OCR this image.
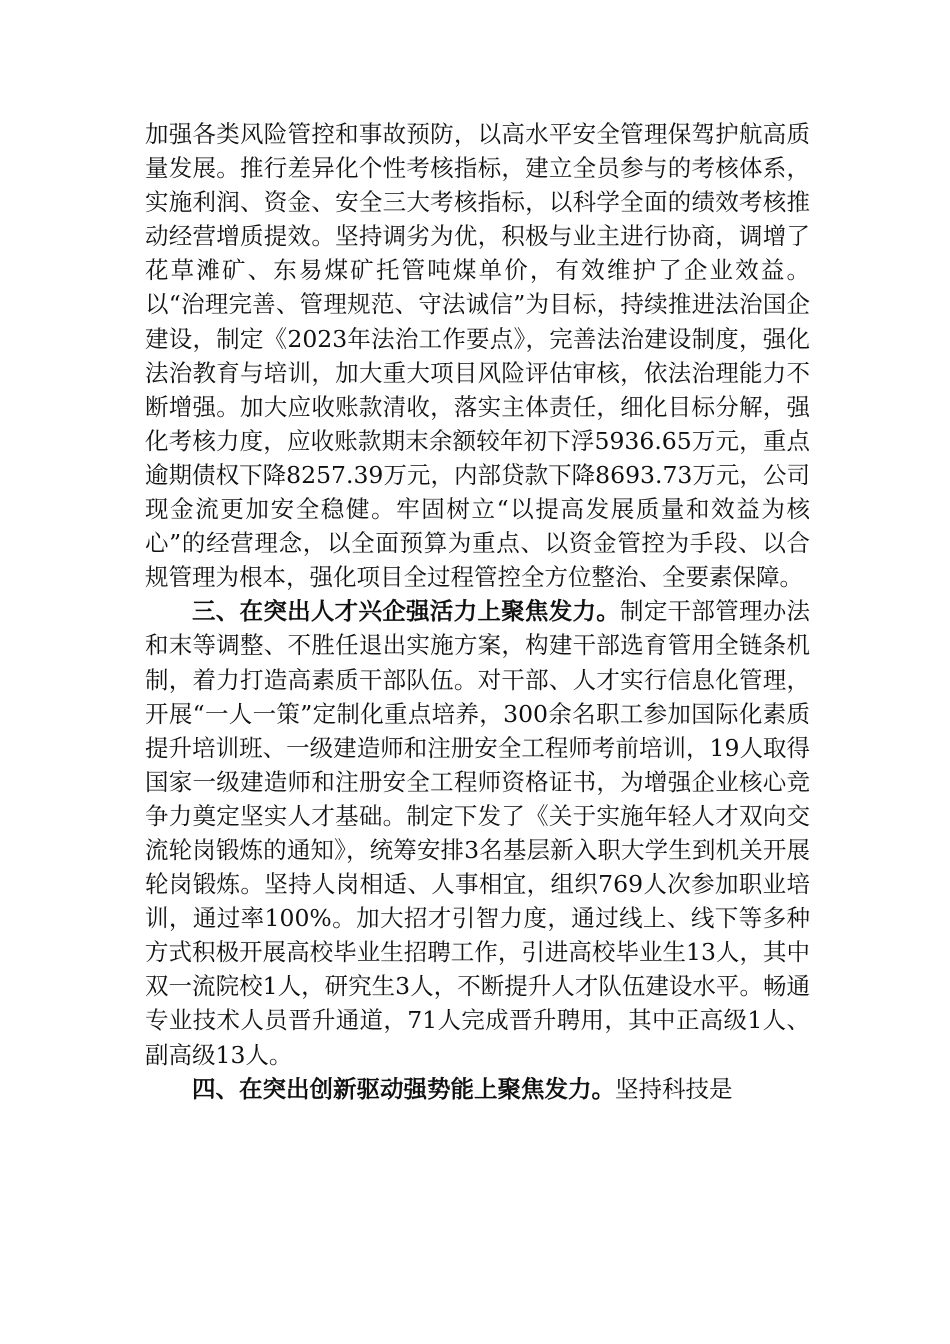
加强各类风险管控和事故预防，以高水平安全管理保驾护航高质量发展。推行差异化个性考核指标，建立全员参与的考核体系，实施利润、资金、安全三大考核指标，以科学全面的绩效考核推动经营增质提效。坚持调劣为优，积极与业主进行协商，调增了花草滩矿、东易煤矿托管吨煤单价，有效维护了企业效益。以“治理完善、管理规范、守法诚信”为目标，持续推进法治国企建设，制定《2023年法治工作要点》，完善法治建设制度，强化法治教育与培训，加大重大项目风险评估审核，依法治理能力不断增强。加大应收账款清收，落实主体责任，细化目标分解，强化考核力度，应收账款期末余额较年初下浮5936.65万元，重点逾期债权下降8257.39万元，内部贷款下降8693.73万元，公司现金流更加安全稳健。牢固树立“以提高发展质量和效益为核心”的经营理念，以全面预算为重点、以资金管控为手段、以合规管理为根本，强化项目全过程管控全方位整治、全要素保障。

三、在突出人才兴企强活力上聚焦发力。制定干部管理办法和末等调整、不胜任退出实施方案，构建干部选育管用全链条机制，着力打造高素质干部队伍。对干部、人才实行信息化管理，开展“一人一策”定制化重点培养，300余名职工参加国际化素质提升培训班、一级建造师和注册安全工程师考前培训，19人取得国家一级建造师和注册安全工程师资格证书，为增强企业核心竞争力奠定坚实人才基础。制定下发了《关于实施年轻人才双向交流轮岗锻炼的通知》，统筹安排3名基层新入职大学生到机关开展轮岗锻炼。坚持人岗相适、人事相宜，组织769人次参加职业培训，通过率100%。加大招才引智力度，通过线上、线下等多种方式积极开展高校毕业生招聘工作，引进高校毕业生13人，其中双一流院校1人，研究生3人，不断提升人才队伍建设水平。畅通专业技术人员晋升通道，71人完成晋升聘用，其中正高级1人、副高级13人。

四、在突出创新驱动强势能上聚焦发力。坚持科技是
